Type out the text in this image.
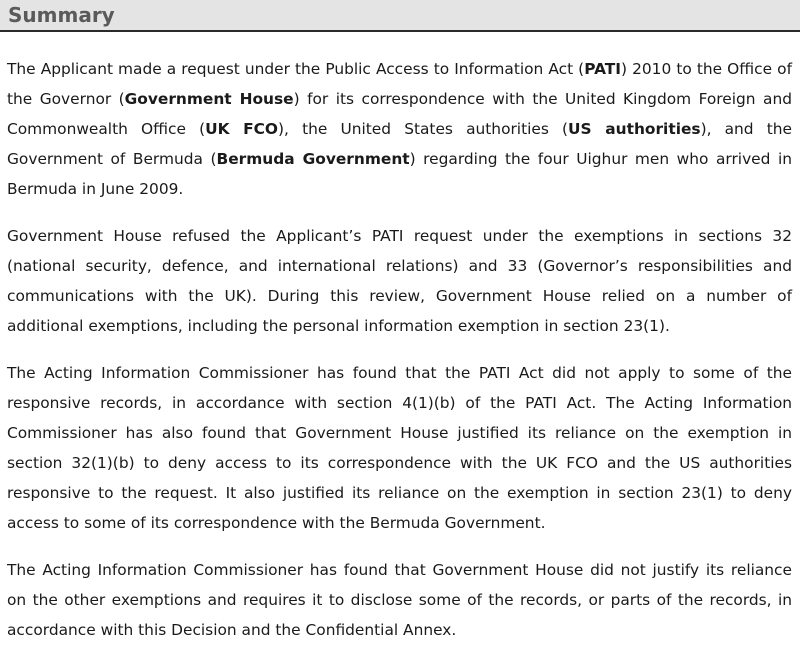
Summary

The Applicant made a request under the Public Access to Information Act (PATI) 2010 to the Office of the Governor (Government House) for its correspondence with the United Kingdom Foreign and Commonwealth Office (UK FCO), the United States authorities (US authorities), and the Government of Bermuda (Bermuda Government) regarding the four Uighur men who arrived in Bermuda in June 2009.

Government House refused the Applicant’s PATI request under the exemptions in sections 32 (national security, defence, and international relations) and 33 (Governor’s responsibilities and communications with the UK). During this review, Government House relied on a number of additional exemptions, including the personal information exemption in section 23(1).

The Acting Information Commissioner has found that the PATI Act did not apply to some of the responsive records, in accordance with section 4(1)(b) of the PATI Act. The Acting Information Commissioner has also found that Government House justified its reliance on the exemption in section 32(1)(b) to deny access to its correspondence with the UK FCO and the US authorities responsive to the request. It also justified its reliance on the exemption in section 23(1) to deny access to some of its correspondence with the Bermuda Government.

The Acting Information Commissioner has found that Government House did not justify its reliance on the other exemptions and requires it to disclose some of the records, or parts of the records, in accordance with this Decision and the Confidential Annex.
